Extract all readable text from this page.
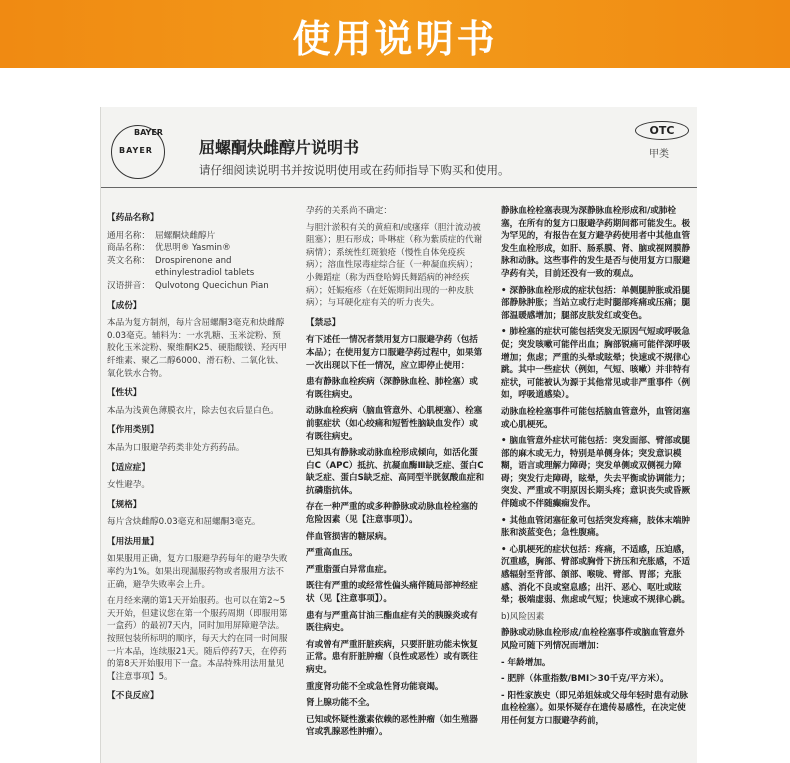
使用说明书
BAYER
BAYER	屈螺酮炔雌醇片说明书
请仔细阅读说明书并按说明使用或在药师指导下购买和使用。
OTC
甲类
【药品名称】
通用名称： 屈螺酮炔雌醇片
商品名称： 优思明® Yasmin®
英文名称： Drospirenone and ethinylestradiol tablets
汉语拼音： Qulvotong Quecichun Pian
【成份】
本品为复方制剂，每片含屈螺酮3毫克和炔雌醇0.03毫克。辅料为：一水乳糖、玉米淀粉、预胶化玉米淀粉、聚维酮K25、硬脂酸镁、羟丙甲纤维素、聚乙二醇6000、滑石粉、二氧化钛、氧化铁水合物。
【性状】
本品为浅黄色薄膜衣片，除去包衣后显白色。
【作用类别】
本品为口服避孕药类非处方药药品。
【适应症】
女性避孕。
【规格】
每片含炔雌醇0.03毫克和屈螺酮3毫克。
【用法用量】
如果服用正确，复方口服避孕药每年的避孕失败率约为1%。如果出现漏服药物或者服用方法不正确，避孕失败率会上升。
在月经来潮的第1天开始服药。也可以在第2~5天开始，但建议您在第一个服药周期（即服用第一盒药）的最初7天内，同时加用屏障避孕法。按照包装所标明的顺序，每天大约在同一时间服一片本品，连续服21天。随后停药7天，在停药的第8天开始服用下一盒。本品特殊用法用量见【注意事项】5。
【不良反应】
孕药的关系尚不确定：
与胆汁淤积有关的黄疸和/或瘙痒（胆汁流动被阻塞）；胆石形成；卟啉症（称为紫质症的代谢病情）；系统性红斑狼疮（慢性自体免疫疾病）；溶血性尿毒症综合征（一种凝血疾病）；小舞蹈症（称为西登哈姆氏舞蹈病的神经疾病）；妊娠疱疹（在妊娠期间出现的一种皮肤病）；与耳硬化症有关的听力丧失。
【禁忌】
有下述任一情况者禁用复方口服避孕药（包括本品）；在使用复方口服避孕药过程中，如果第一次出现以下任一情况，应立即停止使用：
患有静脉血栓疾病（深静脉血栓、肺栓塞）或有既往病史。
动脉血栓疾病（脑血管意外、心肌梗塞）、栓塞前驱症状（如心绞痛和短暂性脑缺血发作）或有既往病史。
已知具有静脉或动脉血栓形成倾向，如活化蛋白C（APC）抵抗、抗凝血酶Ⅲ缺乏症、蛋白C缺乏症、蛋白S缺乏症、高同型半胱氨酸血症和抗磷脂抗体。
存在一种严重的或多种静脉或动脉血栓栓塞的危险因素（见【注意事项】）。
伴血管损害的糖尿病。
严重高血压。
严重脂蛋白异常血症。
既往有严重的或经常性偏头痛伴随局部神经症状（见【注意事项】）。
患有与严重高甘油三酯血症有关的胰腺炎或有既往病史。
有或曾有严重肝脏疾病，只要肝脏功能未恢复正常。患有肝脏肿瘤（良性或恶性）或有既往病史。
重度肾功能不全或急性肾功能衰竭。
肾上腺功能不全。
已知或怀疑性激素依赖的恶性肿瘤（如生殖器官或乳腺恶性肿瘤）。
静脉血栓栓塞表现为深静脉血栓形成和/或肺栓塞，在所有的复方口服避孕药期间都可能发生。极为罕见的，有报告在复方避孕药使用者中其他血管发生血栓形成，如肝、肠系膜、肾、脑或视网膜静脉和动脉。这些事件的发生是否与使用复方口服避孕药有关，目前还没有一致的观点。
• 深静脉血栓形成的症状包括：单侧腿肿胀或沿腿部静脉肿胀；当站立或行走时腿部疼痛或压痛；腿部温暖感增加；腿部皮肤发红或变色。
• 肺栓塞的症状可能包括突发无原因气短或呼吸急促；突发咳嗽可能伴出血；胸部锐痛可能伴深呼吸增加；焦虑；严重的头晕或眩晕；快速或不规律心跳。其中一些症状（例如，气短、咳嗽）并非特有症状，可能被认为源于其他常见或非严重事件（例如，呼吸道感染）。
动脉血栓栓塞事件可能包括脑血管意外，血管闭塞或心肌梗死。
• 脑血管意外症状可能包括：突发面部、臂部或腿部的麻木或无力，特别是单侧身体；突发意识模糊，语言或理解力障碍；突发单侧或双侧视力障碍；突发行走障碍，眩晕，失去平衡或协调能力；突发、严重或不明原因长期头疼；意识丧失或昏厥伴随或不伴随癫痫发作。
• 其他血管闭塞征象可包括突发疼痛，肢体末端肿胀和淡蓝变色；急性腹痛。
• 心肌梗死的症状包括：疼痛，不适感，压迫感，沉重感，胸部、臂部或胸骨下挤压和充胀感，不适感辐射至背部、颌部、喉咙、臂部、胃部；充胀感、消化不良或窒息感；出汗、恶心、呕吐或眩晕；极端虚弱、焦虑或气短；快速或不规律心跳。
b)风险因素
静脉或动脉血栓形成/血栓栓塞事件或脑血管意外风险可随下列情况而增加：
- 年龄增加。
- 肥胖（体重指数/BMI＞30千克/平方米）。
- 阳性家族史（即兄弟姐妹或父母年轻时患有动脉血栓栓塞）。如果怀疑存在遗传易感性，在决定使用任何复方口服避孕药前，
